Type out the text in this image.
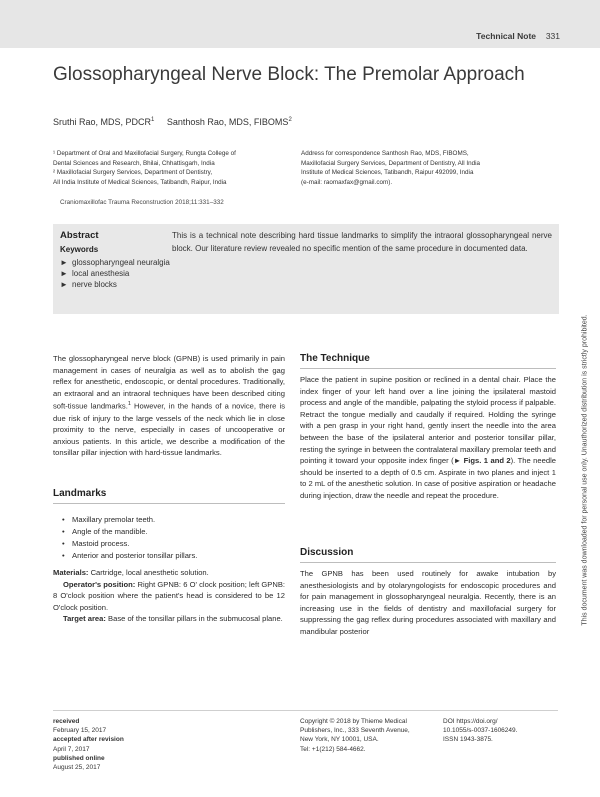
Technical Note 331
Glossopharyngeal Nerve Block: The Premolar Approach
Sruthi Rao, MDS, PDCR$^1$ Santhosh Rao, MDS, FIBOMS$^2$
¹ Department of Oral and Maxillofacial Surgery, Rungta College of
Dental Sciences and Research, Bhilai, Chhattisgarh, India
² Maxillofacial Surgery Services, Department of Dentistry,
All India Institute of Medical Sciences, Tatibandh, Raipur, India
Address for correspondence Santhosh Rao, MDS, FIBOMS,
Maxillofacial Surgery Services, Department of Dentistry, All India
Institute of Medical Sciences, Tatibandh, Raipur 492099, India
(e-mail: raomaxfax@gmail.com).
Craniomaxillofac Trauma Reconstruction 2018;11:331–332
Abstract
Keywords
► glossopharyngeal neuralgia
► local anesthesia
► nerve blocks
This is a technical note describing hard tissue landmarks to simplify the intraoral glossopharyngeal nerve block. Our literature review revealed no specific mention of the same procedure in documented data.
The glossopharyngeal nerve block (GPNB) is used primarily in pain management in cases of neuralgia as well as to abolish the gag reflex for anesthetic, endoscopic, or dental procedures. Traditionally, an extraoral and an intraoral techniques have been described citing soft-tissue landmarks.$^1$ However, in the hands of a novice, there is due risk of injury to the large vessels of the neck which lie in close proximity to the nerve, especially in cases of uncooperative or anxious patients. In this article, we describe a modification of the tonsillar pillar injection with hard-tissue landmarks.
Landmarks
• Maxillary premolar teeth.
• Angle of the mandible.
• Mastoid process.
• Anterior and posterior tonsillar pillars.
Materials: Cartridge, local anesthetic solution.
Operator's position: Right GPNB: 6 O' clock position; left GPNB: 8 O'clock position where the patient's head is considered to be 12 O'clock position.
Target area: Base of the tonsillar pillars in the submucosal plane.
The Technique
Place the patient in supine position or reclined in a dental chair. Place the index finger of your left hand over a line joining the ipsilateral mastoid process and angle of the mandible, palpating the styloid process if palpable. Retract the tongue medially and caudally if required. Holding the syringe with a pen grasp in your right hand, gently insert the needle into the area between the base of the ipsilateral anterior and posterior tonsillar pillar, resting the syringe in between the contralateral maxillary premolar teeth and pointing it toward your opposite index finger (► Figs. 1 and 2). The needle should be inserted to a depth of 0.5 cm. Aspirate in two planes and inject 1 to 2 mL of the anesthetic solution. In case of positive aspiration or headache during injection, draw the needle and repeat the procedure.
Discussion
The GPNB has been used routinely for awake intubation by anesthesiologists and by otolaryngologists for endoscopic procedures and for pain management in glossopharyngeal neuralgia. Recently, there is an increasing use in the fields of dentistry and maxillofacial surgery for suppressing the gag reflex during procedures associated with maxillary and mandibular posterior
received
February 15, 2017
accepted after revision
April 7, 2017
published online
August 25, 2017
Copyright © 2018 by Thieme Medical
Publishers, Inc., 333 Seventh Avenue,
New York, NY 10001, USA.
Tel: +1(212) 584-4662.
DOI https://doi.org/
10.1055/s-0037-1606249.
ISSN 1943-3875.
This document was downloaded for personal use only. Unauthorized distribution is strictly prohibited.
